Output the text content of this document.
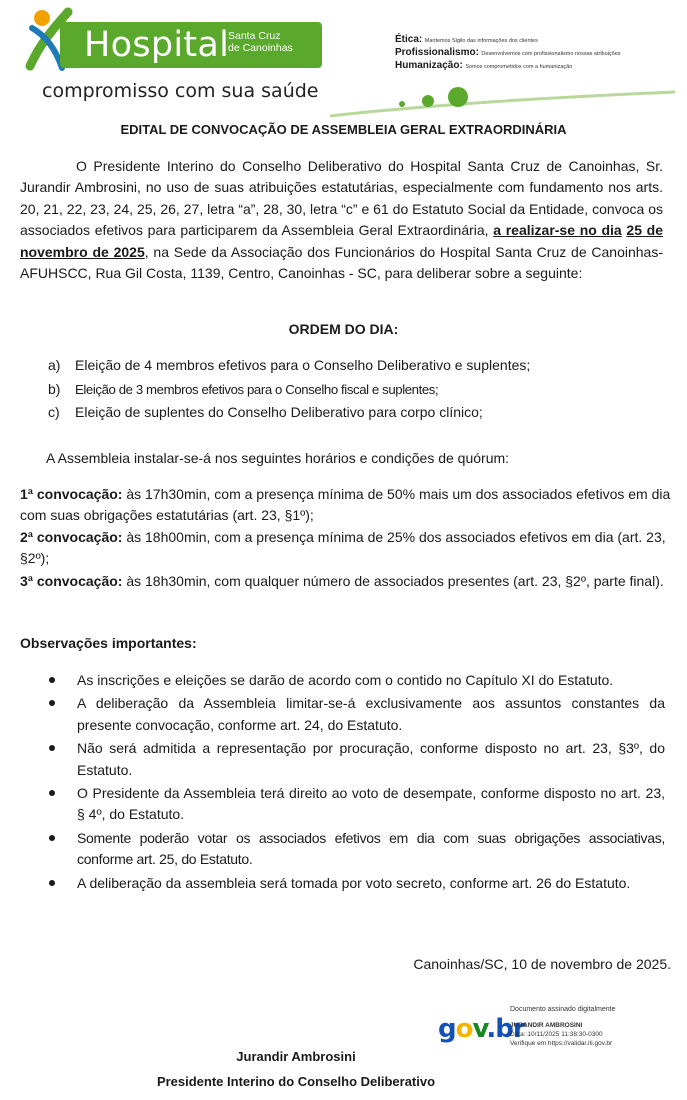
Hospital
Santa Cruz
de Canoinhas
compromisso com sua saúde
Ética: Mantemos Sigilo das informações dos clientes
Profissionalismo: Desenvolvemos com profissionalismo nossas atribuições
Humanização: Somos comprometidos com a humanização
EDITAL DE CONVOCAÇÃO DE ASSEMBLEIA GERAL EXTRAORDINÁRIA
O Presidente Interino do Conselho Deliberativo do Hospital Santa Cruz de Canoinhas, Sr. Jurandir Ambrosini, no uso de suas atribuições estatutárias, especialmente com fundamento nos arts. 20, 21, 22, 23, 24, 25, 26, 27, letra “a”, 28, 30, letra “c” e 61 do Estatuto Social da Entidade, convoca os associados efetivos para participarem da Assembleia Geral Extraordinária, a realizar-se no dia 25 de novembro de 2025, na Sede da Associação dos Funcionários do Hospital Santa Cruz de Canoinhas- AFUHSCC, Rua Gil Costa, 1139, Centro, Canoinhas - SC, para deliberar sobre a seguinte:
ORDEM DO DIA:
a) Eleição de 4 membros efetivos para o Conselho Deliberativo e suplentes;
b) Eleição de 3 membros efetivos para o Conselho fiscal e suplentes;
c) Eleição de suplentes do Conselho Deliberativo para corpo clínico;
A Assembleia instalar-se-á nos seguintes horários e condições de quórum:
1ª convocação: às 17h30min, com a presença mínima de 50% mais um dos associados efetivos em dia com suas obrigações estatutárias (art. 23, §1º);
2ª convocação: às 18h00min, com a presença mínima de 25% dos associados efetivos em dia (art. 23, §2º);
3ª convocação: às 18h30min, com qualquer número de associados presentes (art. 23, §2º, parte final).
Observações importantes:
As inscrições e eleições se darão de acordo com o contido no Capítulo XI do Estatuto.
A deliberação da Assembleia limitar-se-á exclusivamente aos assuntos constantes da presente convocação, conforme art. 24, do Estatuto.
Não será admitida a representação por procuração, conforme disposto no art. 23, §3º, do Estatuto.
O Presidente da Assembleia terá direito ao voto de desempate, conforme disposto no art. 23, § 4º, do Estatuto.
Somente poderão votar os associados efetivos em dia com suas obrigações associativas, conforme art. 25, do Estatuto.
A deliberação da assembleia será tomada por voto secreto, conforme art. 26 do Estatuto.
Canoinhas/SC, 10 de novembro de 2025.
gov.br
Documento assinado digitalmente
JURANDIR AMBROSINI
Data: 10/11/2025 11:38:30-0300
Verifique em https://validar.iti.gov.br
Jurandir Ambrosini
Presidente Interino do Conselho Deliberativo
